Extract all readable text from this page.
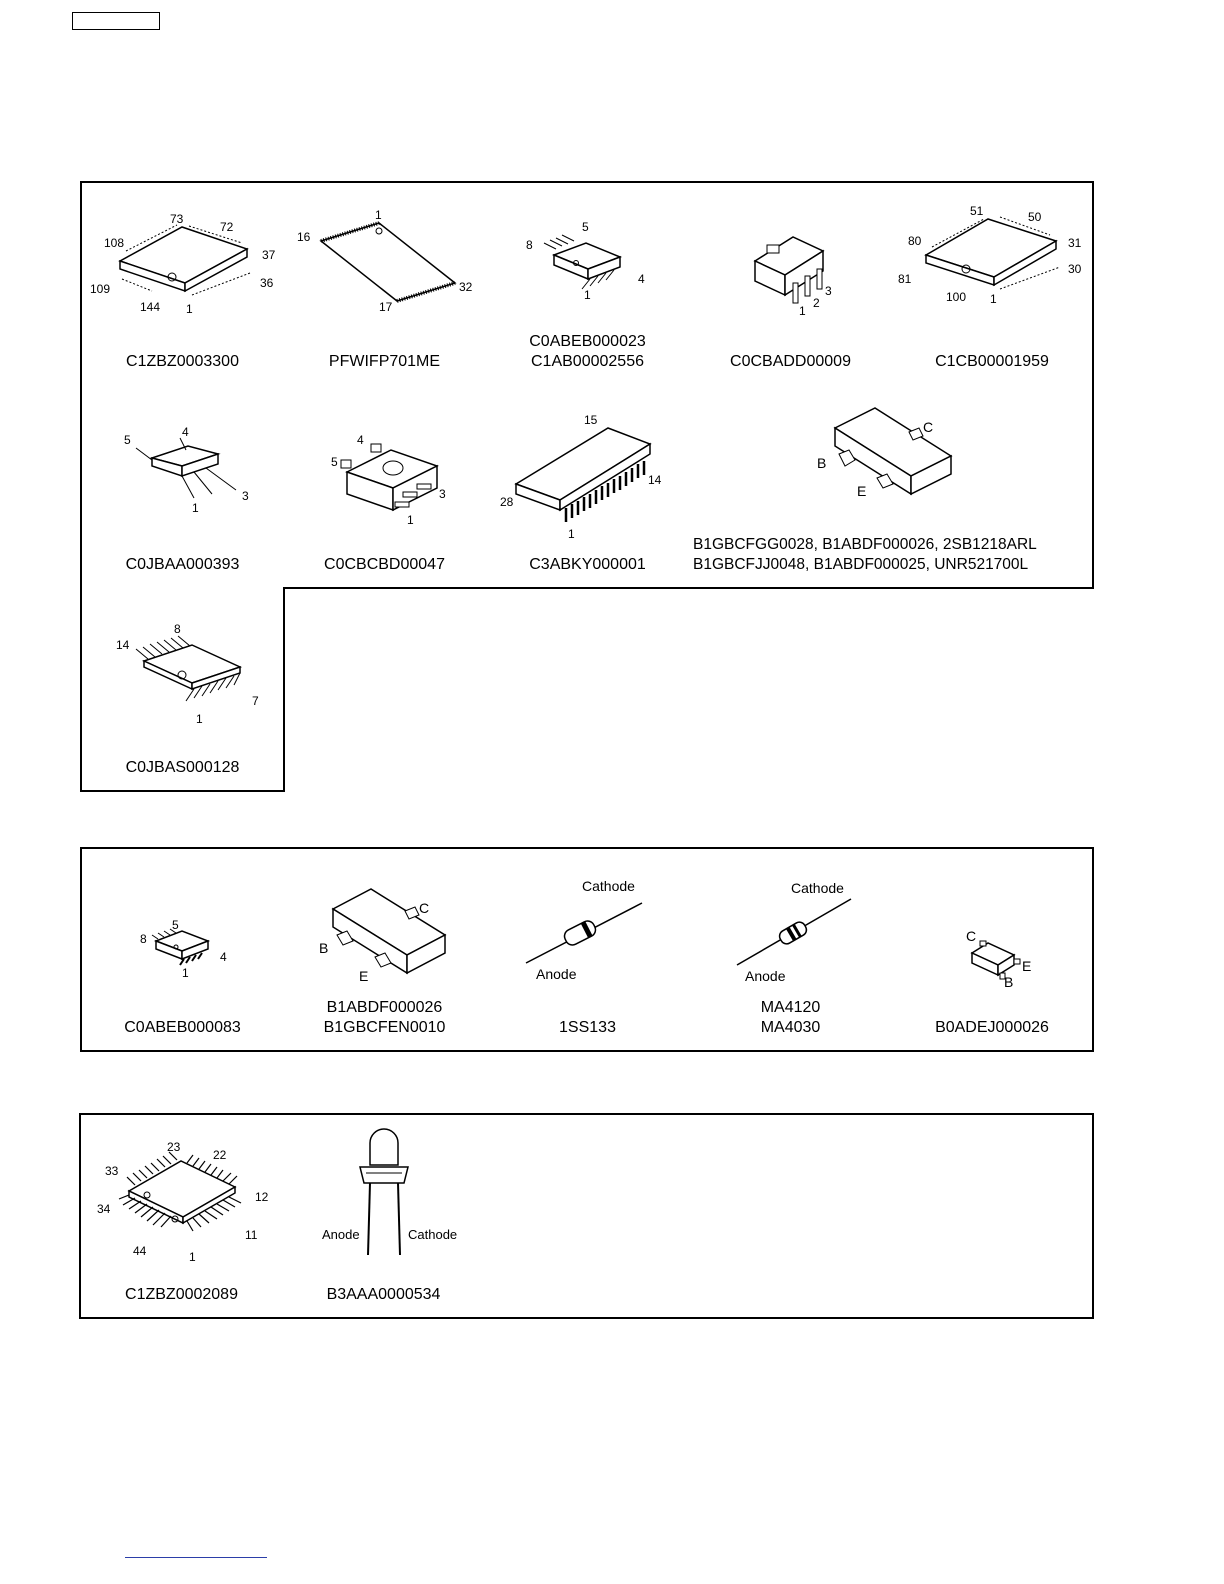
73
72
108
37
109	36
144 1
C1ZBZ0003300
1
16
17
32
PFWIFP701ME
5
8
1
4
C0ABEB000023
C1AB00002556
1
2
3
C0CBADD00009
51	50
80	31
81
30
100 1
C1CB00001959
4
5
1
3
C0JBAA000393
4
5
3
1
C0CBCBD00047
15
28
14
1
C3ABKY000001
C
B
E
B1GBCFGG0028, B1ABDF000026, 2SB1218ARL
B1GBCFJJ0048, B1ABDF000025, UNR521700L
8
14
7
1
C0JBAS000128
5
8
4
1
C0ABEB000083
C
B
E
B1ABDF000026
B1GBCFEN0010
Cathode
Anode
1SS133
Cathode
Anode
MA4120
MA4030
C
E
B
B0ADEJ000026
23
22
33
12
34
11
44	1
C1ZBZ0002089
Anode	Cathode
B3AAA0000534
